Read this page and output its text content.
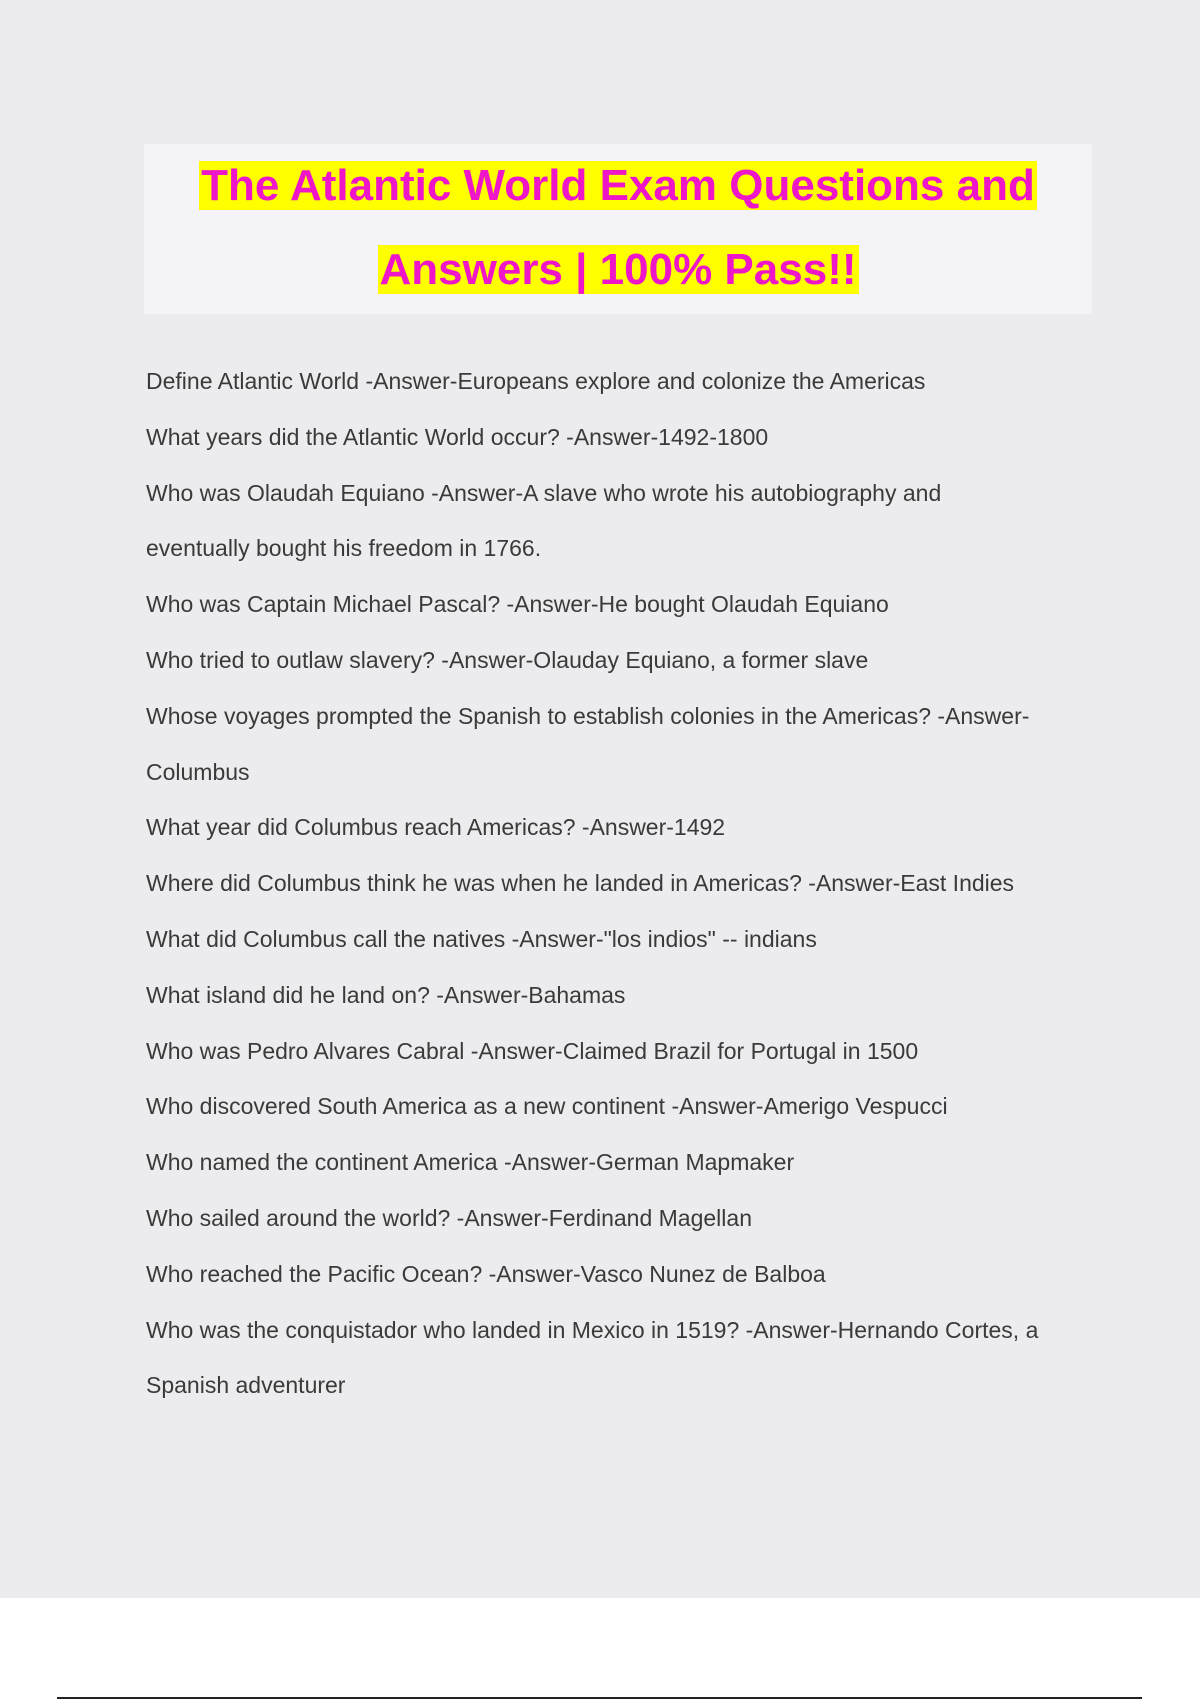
The Atlantic World Exam Questions and
Answers | 100% Pass!!
Define Atlantic World -Answer-Europeans explore and colonize the Americas
What years did the Atlantic World occur? -Answer-1492-1800
Who was Olaudah Equiano -Answer-A slave who wrote his autobiography and
eventually bought his freedom in 1766.
Who was Captain Michael Pascal? -Answer-He bought Olaudah Equiano
Who tried to outlaw slavery? -Answer-Olauday Equiano, a former slave
Whose voyages prompted the Spanish to establish colonies in the Americas? -Answer-
Columbus
What year did Columbus reach Americas? -Answer-1492
Where did Columbus think he was when he landed in Americas? -Answer-East Indies
What did Columbus call the natives -Answer-"los indios" -- indians
What island did he land on? -Answer-Bahamas
Who was Pedro Alvares Cabral -Answer-Claimed Brazil for Portugal in 1500
Who discovered South America as a new continent -Answer-Amerigo Vespucci
Who named the continent America -Answer-German Mapmaker
Who sailed around the world? -Answer-Ferdinand Magellan
Who reached the Pacific Ocean? -Answer-Vasco Nunez de Balboa
Who was the conquistador who landed in Mexico in 1519? -Answer-Hernando Cortes, a
Spanish adventurer
